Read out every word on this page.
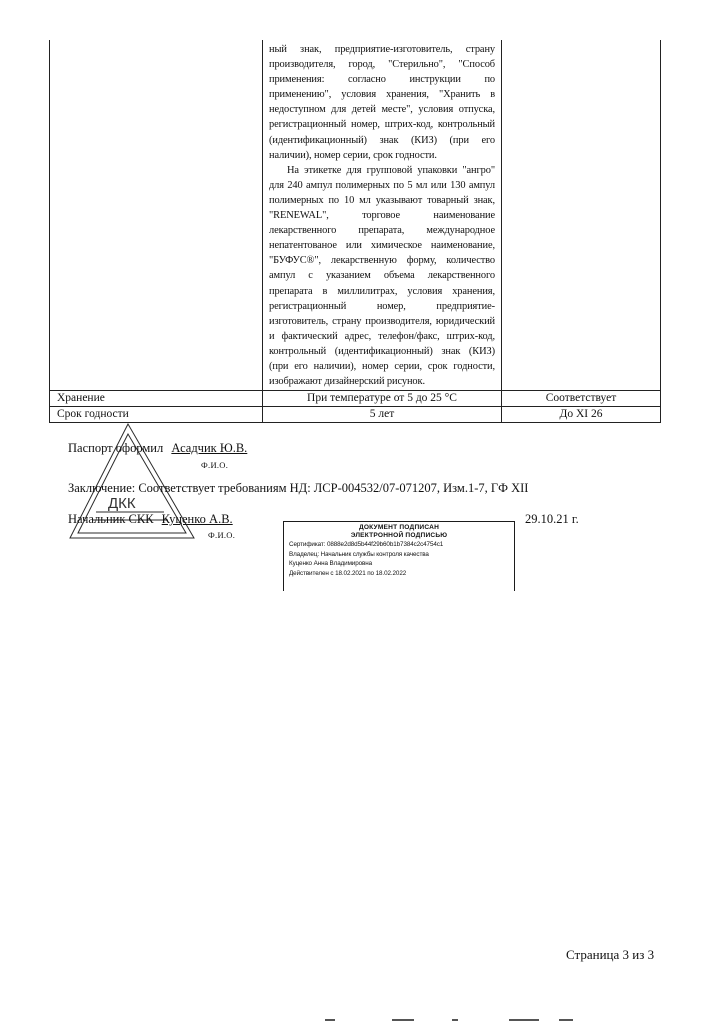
ный знак, предприятие-изготовитель, страну производителя, город, "Стерильно", "Способ применения: согласно инструкции по применению", условия хранения, "Хранить в недоступном для детей месте", условия отпуска, регистрационный номер, штрих-код, контрольный (идентификационный) знак (КИЗ) (при его наличии), номер серии, срок годности.

На этикетке для групповой упаковки "ангро" для 240 ампул полимерных по 5 мл или 130 ампул полимерных по 10 мл указывают товарный знак, "RENEWAL", торговое наименование лекарственного препарата, международное непатентованое или химическое наименование, "БУФУС®", лекарственную форму, количество ампул с указанием объема лекарственного препарата в миллилитрах, условия хранения, регистрационный номер, предприятие-изготовитель, страну производителя, юридический и фактический адрес, телефон/факс, штрих-код, контрольный (идентификационный) знак (КИЗ) (при его наличии), номер серии, срок годности, изображают дизайнерский рисунок.

Хранение	При температуре от 5 до 25 °С	Соответствует
Срок годности	5 лет	До XI 26
ДКК
Паспорт оформил Асадчик Ю.В.
Ф.И.О.
Заключение: Соответствует требованиям НД: ЛСР-004532/07-071207, Изм.1-7, ГФ XII
Начальник СКК Куценко А.В.
Ф.И.О.
29.10.21 г.
ДОКУМЕНТ ПОДПИСАН
ЭЛЕКТРОННОЙ ПОДПИСЬЮ
Сертификат: 0888e2d8d5b44f29b60b1b7384c2c4754c1
Владелец: Начальник службы контроля качества
Куценко Анна Владимировна
Действителен с 18.02.2021 по 18.02.2022
Страница 3 из 3
